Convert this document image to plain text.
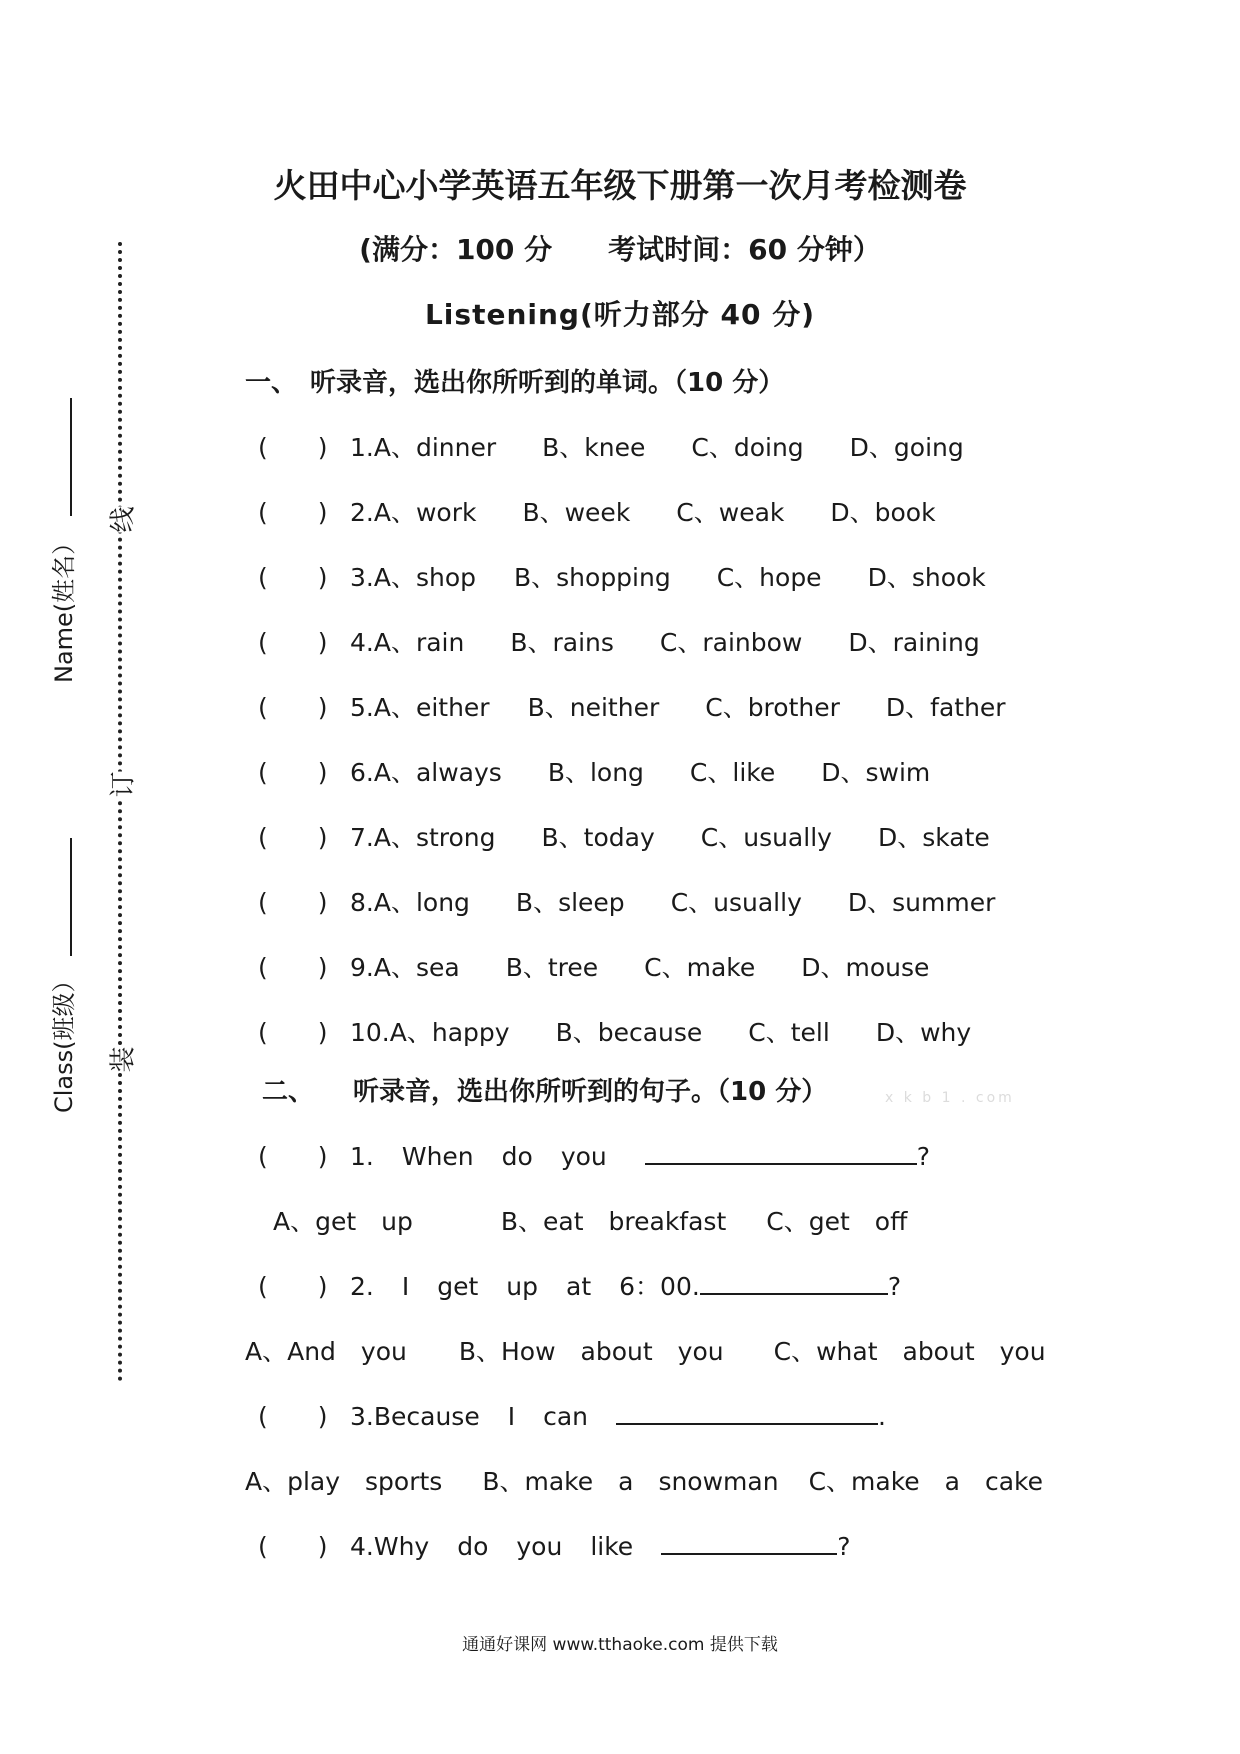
线
订
装
Name(姓名）
Class(班级）
火田中心小学英语五年级下册第一次月考检测卷
(满分：100 分　　考试时间：60 分钟）
Listening(听力部分 40 分)
一、　听录音，选出你所听到的单词。（10 分）
(　　) 1.A、dinner B、knee C、doing D、going
(　　) 2.A、work B、week C、weak D、book
(　　) 3.A、shop B、shopping C、hope D、shook
(　　) 4.A、rain B、rains C、rainbow D、raining
(　　) 5.A、either B、neither C、brother D、father
(　　) 6.A、always B、long C、like D、swim
(　　) 7.A、strong B、today C、usually D、skate
(　　) 8.A、long B、sleep C、usually D、summer
(　　) 9.A、sea B、tree C、make D、mouse
(　　) 10.A、happy B、because C、tell D、why
二、　　听录音，选出你所听到的句子。（10 分）	x k b 1 . com
(　　) 1. When do you	?
A、get　up	B、eat　breakfast C、get　off
(　　) 2. I get up at 6：00.	?
A、And　you B、How　about　you C、what　about　you
(　　) 3.Because I can	.
A、play　sports B、make　a　snowman C、make　a　cake
(　　) 4.Why do you like	?
通通好课网 www.tthaoke.com 提供下载
